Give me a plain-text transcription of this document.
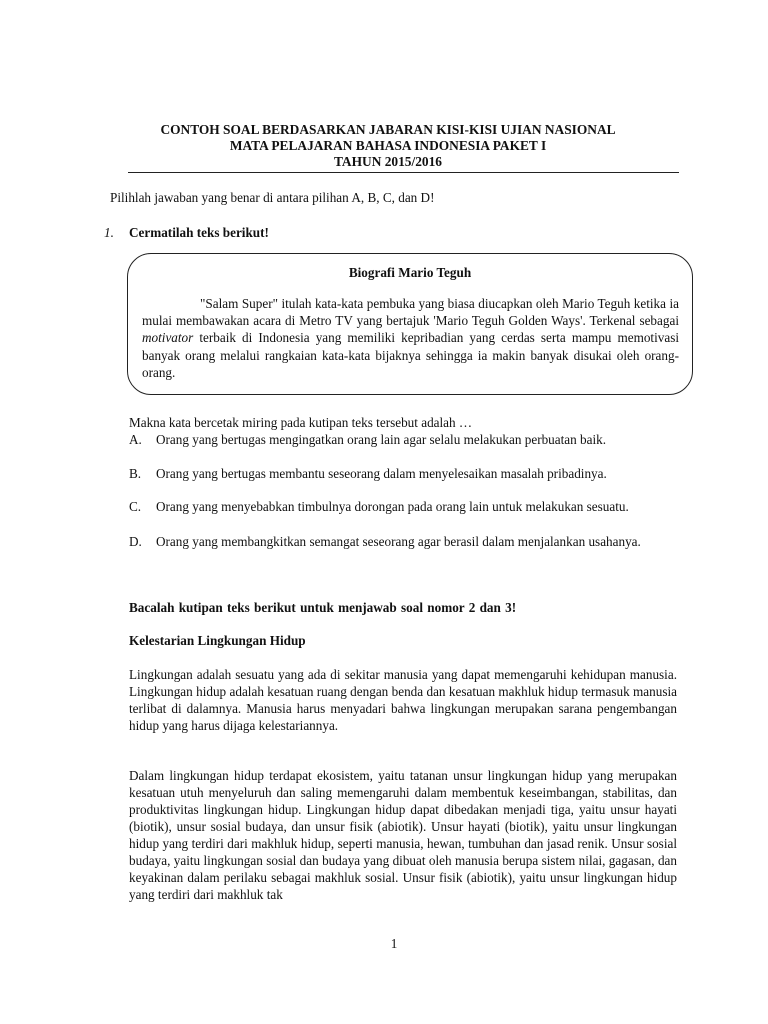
CONTOH SOAL BERDASARKAN JABARAN KISI-KISI UJIAN NASIONAL
MATA PELAJARAN BAHASA INDONESIA PAKET I
TAHUN 2015/2016
Pilihlah jawaban yang benar di antara pilihan A, B, C, dan D!
1. Cermatilah teks berikut!
Biografi Mario Teguh
"Salam Super" itulah kata-kata pembuka yang biasa diucapkan oleh Mario Teguh ketika ia mulai membawakan acara di Metro TV yang bertajuk 'Mario Teguh Golden Ways'. Terkenal sebagai motivator terbaik di Indonesia yang memiliki kepribadian yang cerdas serta mampu memotivasi banyak orang melalui rangkaian kata-kata bijaknya sehingga ia makin banyak disukai oleh orang-orang.
Makna kata bercetak miring pada kutipan teks tersebut adalah …
A.	Orang yang bertugas mengingatkan orang lain agar selalu melakukan perbuatan baik.
B.	Orang yang bertugas membantu seseorang dalam menyelesaikan masalah pribadinya.
C.	Orang yang menyebabkan timbulnya dorongan pada orang lain untuk melakukan sesuatu.
D.	Orang yang membangkitkan semangat seseorang agar berasil dalam menjalankan usahanya.
Bacalah kutipan teks berikut untuk menjawab soal nomor 2 dan 3!
Kelestarian Lingkungan Hidup
Lingkungan adalah sesuatu yang ada di sekitar manusia yang dapat memengaruhi kehidupan manusia. Lingkungan hidup adalah kesatuan ruang dengan benda dan kesatuan makhluk hidup termasuk manusia terlibat di dalamnya. Manusia harus menyadari bahwa lingkungan merupakan sarana pengembangan hidup yang harus dijaga kelestariannya.
Dalam lingkungan hidup terdapat ekosistem, yaitu tatanan unsur lingkungan hidup yang merupakan kesatuan utuh menyeluruh dan saling memengaruhi dalam membentuk keseimbangan, stabilitas, dan produktivitas lingkungan hidup. Lingkungan hidup dapat dibedakan menjadi tiga, yaitu unsur hayati (biotik), unsur sosial budaya, dan unsur fisik (abiotik). Unsur hayati (biotik), yaitu unsur lingkungan hidup yang terdiri dari makhluk hidup, seperti manusia, hewan, tumbuhan dan jasad renik. Unsur sosial budaya, yaitu lingkungan sosial dan budaya yang dibuat oleh manusia berupa sistem nilai, gagasan, dan keyakinan dalam perilaku sebagai makhluk sosial. Unsur fisik (abiotik), yaitu unsur lingkungan hidup yang terdiri dari makhluk tak
1
